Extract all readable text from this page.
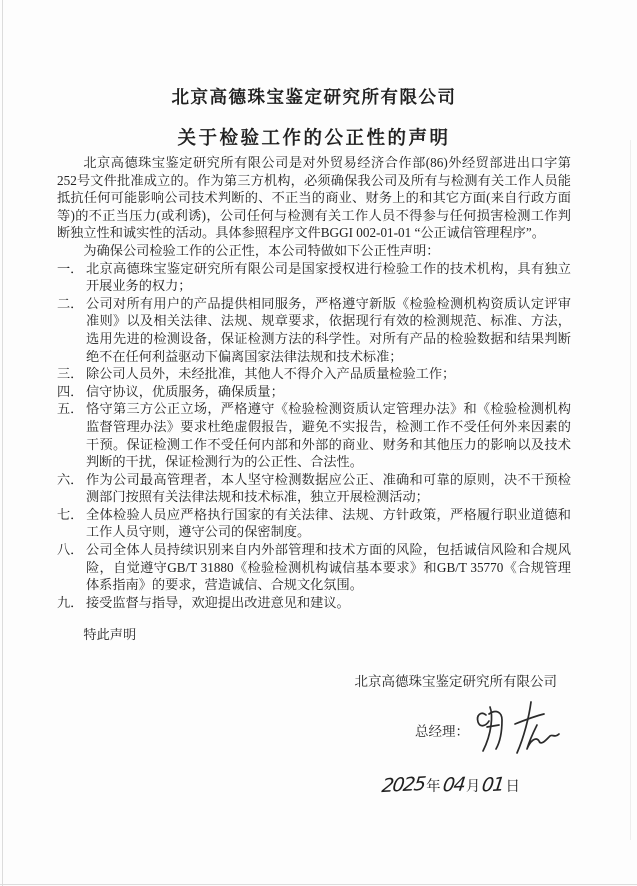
北京高德珠宝鉴定研究所有限公司
关于检验工作的公正性的声明

北京高德珠宝鉴定研究所有限公司是对外贸易经济合作部(86)外经贸部进出口字第252号文件批准成立的。作为第三方机构，必须确保我公司及所有与检测有关工作人员能抵抗任何可能影响公司技术判断的、不正当的商业、财务上的和其它方面(来自行政方面等)的不正当压力(或利诱)，公司任何与检测有关工作人员不得参与任何损害检测工作判断独立性和诚实性的活动。具体参照程序文件BGGI 002-01-01 “公正诚信管理程序”。

为确保公司检验工作的公正性，本公司特做如下公正性声明：

一． 北京高德珠宝鉴定研究所有限公司是国家授权进行检验工作的技术机构，具有独立开展业务的权力；
二． 公司对所有用户的产品提供相同服务，严格遵守新版《检验检测机构资质认定评审准则》以及相关法律、法规、规章要求，依据现行有效的检测规范、标准、方法，选用先进的检测设备，保证检测方法的科学性。对所有产品的检验数据和结果判断绝不在任何利益驱动下偏离国家法律法规和技术标准；
三． 除公司人员外，未经批准，其他人不得介入产品质量检验工作；
四． 信守协议，优质服务，确保质量；
五． 恪守第三方公正立场，严格遵守《检验检测资质认定管理办法》和《检验检测机构监督管理办法》要求杜绝虚假报告，避免不实报告，检测工作不受任何外来因素的干预。保证检测工作不受任何内部和外部的商业、财务和其他压力的影响以及技术判断的干扰，保证检测行为的公正性、合法性。
六． 作为公司最高管理者，本人坚守检测数据应公正、准确和可靠的原则，决不干预检测部门按照有关法律法规和技术标准，独立开展检测活动；
七． 全体检验人员应严格执行国家的有关法律、法规、方针政策，严格履行职业道德和工作人员守则，遵守公司的保密制度。
八． 公司全体人员持续识别来自内外部管理和技术方面的风险，包括诚信风险和合规风险，自觉遵守GB/T 31880《检验检测机构诚信基本要求》和GB/T 35770《合规管理体系指南》的要求，营造诚信、合规文化氛围。
九． 接受监督与指导，欢迎提出改进意见和建议。

特此声明

北京高德珠宝鉴定研究所有限公司
总经理：
2025 年 04 月 01 日
